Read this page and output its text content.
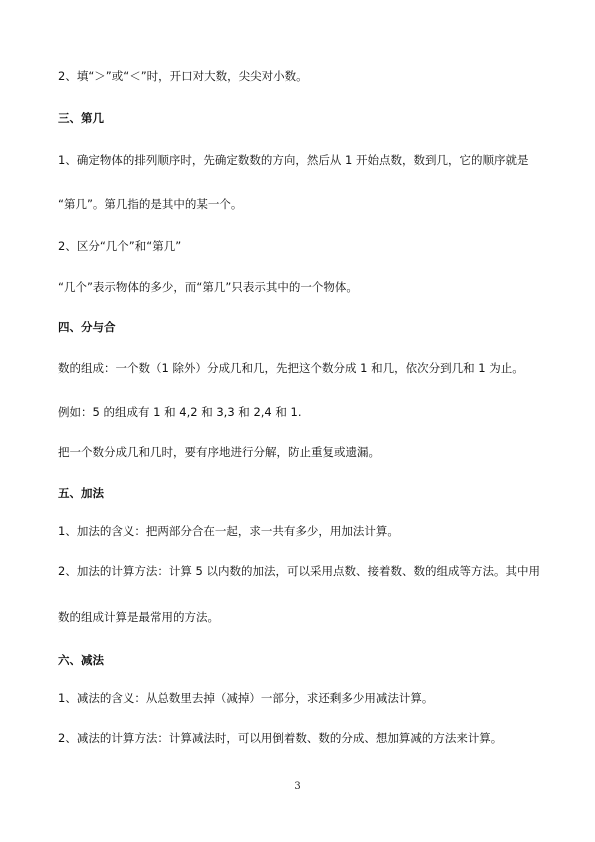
2、填“＞”或“＜”时，开口对大数，尖尖对小数。
三、第几
1、确定物体的排列顺序时，先确定数数的方向，然后从 1 开始点数，数到几，它的顺序就是
“第几”。第几指的是其中的某一个。
2、区分“几个”和“第几”
“几个”表示物体的多少，而“第几”只表示其中的一个物体。
四、分与合
数的组成：一个数（1 除外）分成几和几，先把这个数分成 1 和几，依次分到几和 1 为止。
例如：5 的组成有 1 和 4,2 和 3,3 和 2,4 和 1.
把一个数分成几和几时，要有序地进行分解，防止重复或遗漏。
五、加法
1、加法的含义：把两部分合在一起，求一共有多少，用加法计算。
2、加法的计算方法：计算 5 以内数的加法，可以采用点数、接着数、数的组成等方法。其中用
数的组成计算是最常用的方法。
六、减法
1、减法的含义：从总数里去掉（减掉）一部分，求还剩多少用减法计算。
2、减法的计算方法：计算减法时，可以用倒着数、数的分成、想加算减的方法来计算。
3
